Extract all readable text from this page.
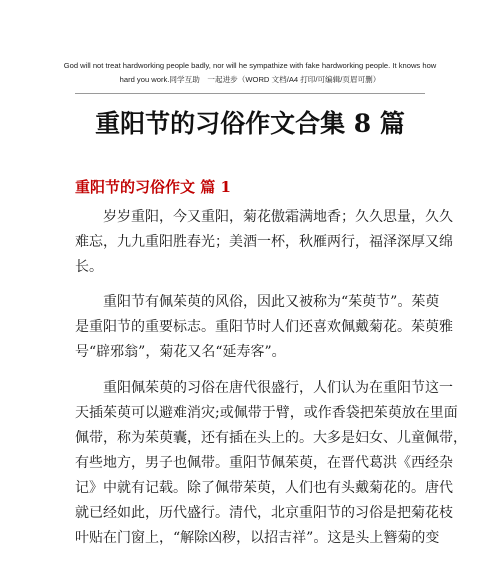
God will not treat hardworking people badly, nor will he sympathize with fake hardworking people. It knows how
hard you work.同学互助　一起进步（WORD 文档/A4 打印/可编辑/页眉可删）
重阳节的习俗作文合集 8 篇
重阳节的习俗作文 篇 1
　　岁岁重阳，今又重阳，菊花傲霜满地香；久久思量，久久
难忘，九九重阳胜春光；美酒一杯，秋雁两行，福泽深厚又绵
长。
　　重阳节有佩茱萸的风俗，因此又被称为“茱萸节”。茱萸
是重阳节的重要标志。重阳节时人们还喜欢佩戴菊花。茱萸雅
号“辟邪翁”，菊花又名“延寿客”。
　　重阳佩茱萸的习俗在唐代很盛行，人们认为在重阳节这一
天插茱萸可以避难消灾;或佩带于臂，或作香袋把茱萸放在里面
佩带，称为茱萸囊，还有插在头上的。大多是妇女、儿童佩带，
有些地方，男子也佩带。重阳节佩茱萸，在晋代葛洪《西经杂
记》中就有记载。除了佩带茱萸，人们也有头戴菊花的。唐代
就已经如此，历代盛行。清代，北京重阳节的习俗是把菊花枝
叶贴在门窗上，“解除凶秽，以招吉祥”。这是头上簪菊的变
